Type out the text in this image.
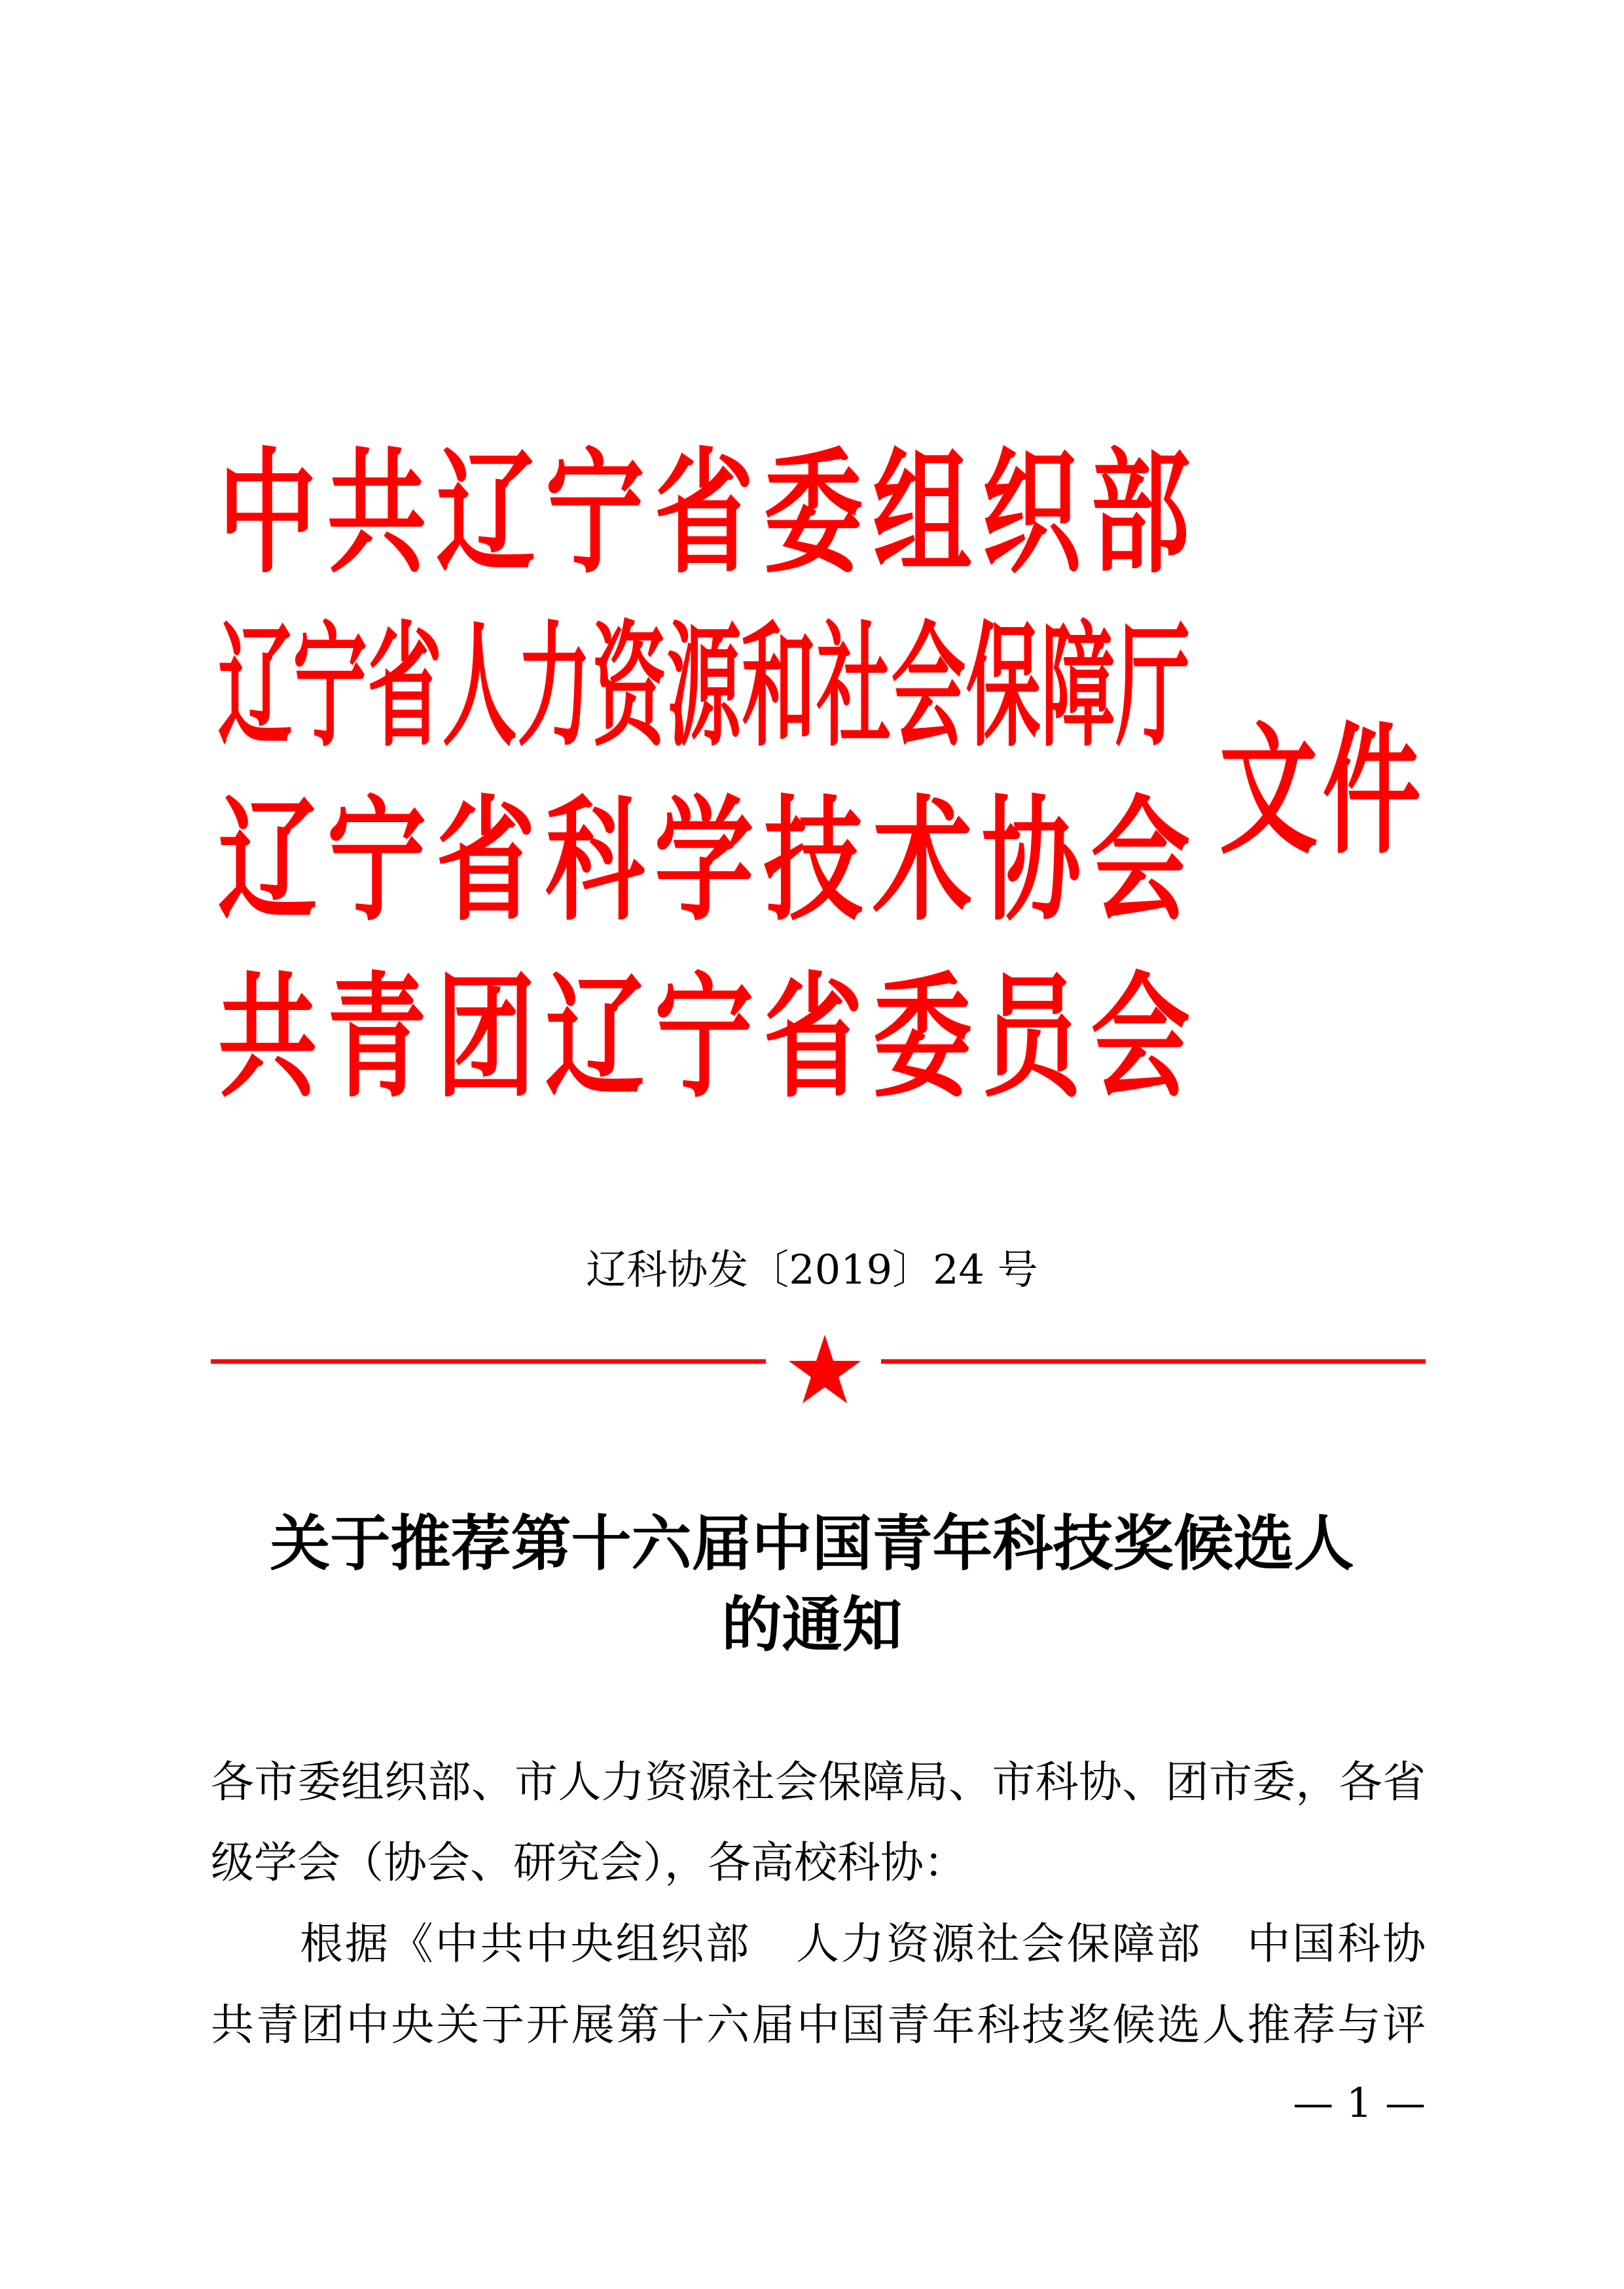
中共辽宁省委组织部
辽宁省人力资源和社会保障厅
辽宁省科学技术协会
共青团辽宁省委员会
文件
辽科协发〔2019〕24 号
关于推荐第十六届中国青年科技奖候选人
的通知
各市委组织部、市人力资源社会保障局、市科协、团市委，各省
级学会（协会、研究会），各高校科协：
根据《中共中央组织部　人力资源社会保障部　中国科协
共青团中央关于开展第十六届中国青年科技奖候选人推荐与评
— 1 —
